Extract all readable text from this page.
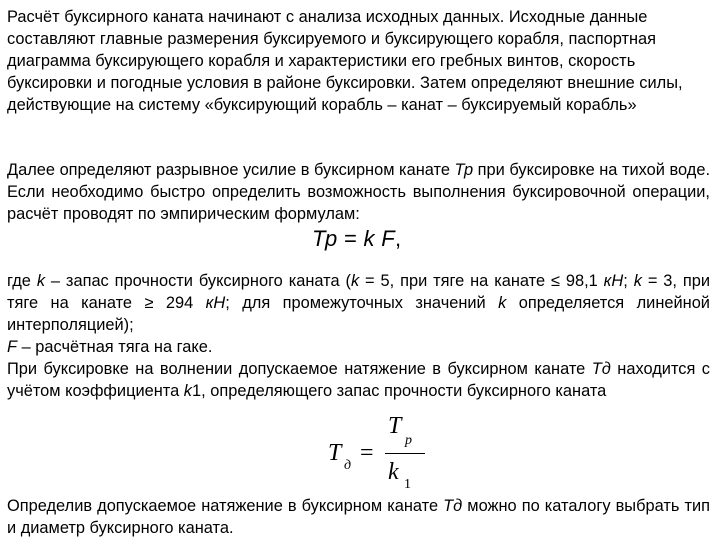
Расчёт буксирного каната начинают с анализа исходных данных. Исходные данные составляют главные размерения буксируемого и буксирующего корабля, паспортная диаграмма буксирующего корабля и характеристики его гребных винтов, скорость буксировки и погодные условия в районе буксировки. Затем определяют внешние силы, действующие на систему «буксирующий корабль – канат – буксируемый корабль»
Далее определяют разрывное усилие в буксирном канате Тр при буксировке на тихой воде. Если необходимо быстро определить возможность выполнения буксировочной операции, расчёт проводят по эмпирическим формулам:
Тр = k F,
где k – запас прочности буксирного каната (k = 5, при тяге на канате ≤ 98,1 кН; k = 3, при тяге на канате ≥ 294 кН; для промежуточных значений k определяется линейной интерполяцией);
F – расчётная тяга на гаке.
При буксировке на волнении допускаемое натяжение в буксирном канате Тд находится с учётом коэффициента k1, определяющего запас прочности буксирного каната
T д =
T
р
k 1
Определив допускаемое натяжение в буксирном канате Тд можно по каталогу выбрать тип и диаметр буксирного каната.
